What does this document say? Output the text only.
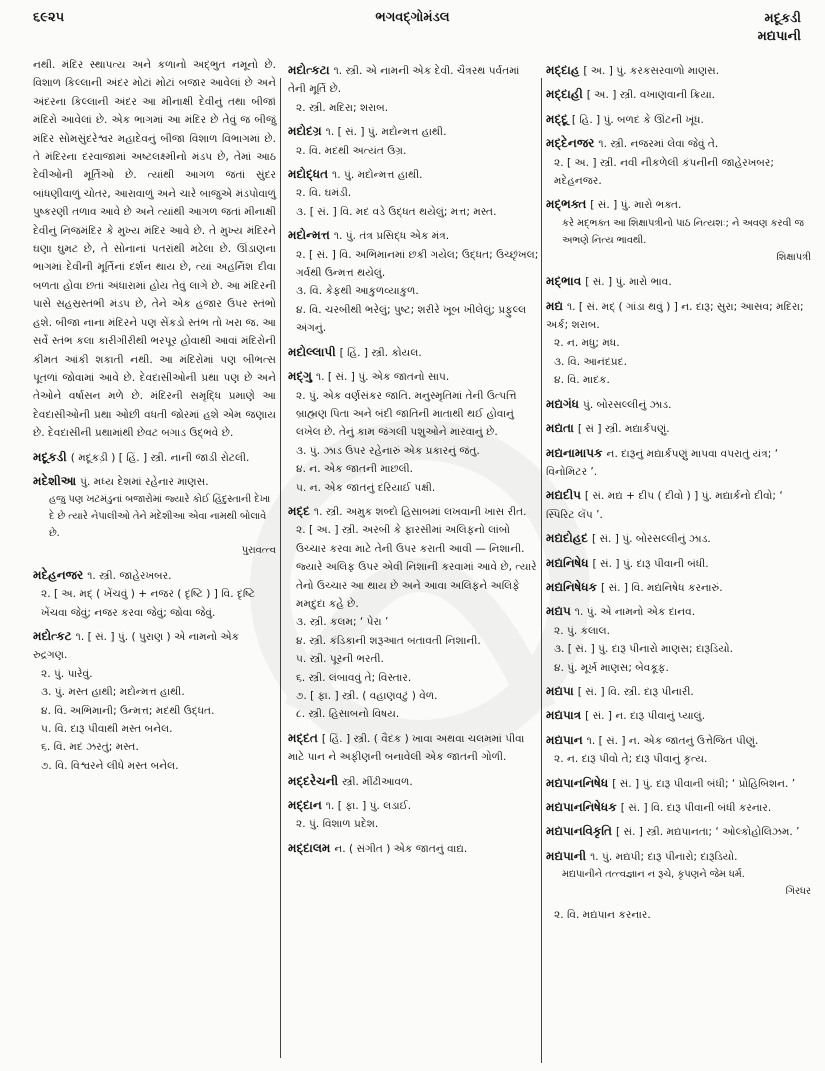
૬૯૨૫	ભગવદ્ગોમંડલ	મદૂકડી
મદ્યપાની

નથી. મંદિર સ્થાપત્ય અને કળાનો અદ્ભુત નમૂનો છે. વિશાળ કિલ્લાની અંદર મોટાં મોટાં બજાર આવેલાં છે અને અંદરના કિલ્લાની અંદર આ મીનાક્ષી દેવીનું તથા બીજાં મંદિરો આવેલાં છે. એક ભાગમાં આ મંદિર છે તેવું જ બીજું મંદિર સોમસુંદરેશ્વર મહાદેવનું બીજા વિશાળ વિભાગમાં છે. તે મંદિરના દરવાજામાં અષ્ટલક્ષ્મીનો મંડપ છે, તેમાં આઠ દેવીઓની મૂર્તિઓ છે. ત્યાંથી આગળ જતાં સુંદર બાંધણીવાળું ચોતર, આરાવાળું અને ચારે બાજુએ મંડપોવાળું પુષ્કરણી તળાવ આવે છે અને ત્યાંથી આગળ જતાં મીનાક્ષી દેવીનું નિજમંદિર કે મુખ્ય મંદિર આવે છે. તે મુખ્ય મંદિરને ઘણા ઘુમટ છે, તે સોનાનાં પતરાંથી મઢેલા છે. ઊંડાણના ભાગમાં દેવીની મૂર્તિનાં દર્શન થાય છે, ત્યાં અહર્નિશ દીવા બળતા હોવા છતાં અંધારામાં હોય તેવું લાગે છે. આ મંદિરની પાસે સહસ્રસ્તંભી મંડપ છે, તેને એક હજાર ઉપર સ્તંભો હશે. બીજા નાના મંદિરને પણ સેંકડો સ્તંભ તો ખરા જ. આ સર્વે સ્તંભ કલા કારીગીરીથી ભરપૂર હોવાથી આવાં મંદિરોની કીમત આંકી શકાતી નથી. આ મંદિરોમાં પણ બીભત્સ પૂતળાં જોવામાં આવે છે. દેવદાસીઓની પ્રથા પણ છે અને તેઓને વર્ષાસન મળે છે. મંદિરની સમૃદ્ધિ પ્રમાણે આ દેવદાસીઓની પ્રથા ઓછી વધતી જોરમાં હશે એમ જણાય છે. દેવદાસીની પ્રથામાંથી છેવટ બગાડ ઉદ્ભવે છે.

મદૂકડી ( મદૂકડ઼ી ) [ હિં. ] સ્ત્રી. નાની જાડી રોટલી.
મદેશીઆ પું. મધ્ય દેશમાં રહેનાર માણસ.
હજુ પણ ખટમંડુનાં બજારોમાં જ્યારે કોઈ હિંદુસ્તાની દેખા દે છે ત્યારે નેપાલીઓ તેને મદેશીઆ એવા નામથી બોલાવે છે.
પુરાવત્ત્વ
મદેહનજર ૧. સ્ત્રી. જાહેરખબર.
૨. [ અ. મદ્ ( ખેંચવું ) + નજર ( દૃષ્ટિ ) ] વિ. દૃષ્ટિ ખેંચવા જેવું; નજર કરવા જેવું; જોવા જેવું.
મદોત્કટ ૧. [ સં. ] પું. ( પુરાણ ) એ નામનો એક રુદ્રગણ.
૨. પું. પારેવું.
૩. પું. મસ્ત હાથી; મદોન્મત્ત હાથી.
૪. વિ. અભિમાની; ઉન્મત્ત; મદથી ઉદ્ધત.
૫. વિ. દારૂ પીવાથી મસ્ત બનેલ.
૬. વિ. મદ ઝરતું; મસ્ત.
૭. વિ. વિશ્વરને લીધે મસ્ત બનેલ.
મદોત્કટા ૧. સ્ત્રી. એ નામની એક દેવી. ચૈત્રરથ પર્વતમાં તેની મૂર્તિ છે.
૨. સ્ત્રી. મદિરા; શરાબ.
મદોદગ્ર ૧. [ સં. ] પું. મદોન્મત્ત હાથી.
૨. વિ. મદથી અત્યંત ઉગ્ર.
મદોદ્ધત ૧. પું. મદોન્મત્ત હાથી.
૨. વિ. ઘમંડી.
૩. [ સં. ] વિ. મદ વડે ઉદ્ધત થયેલું; મત્ત; મસ્ત.
મદોન્મત્ત ૧. પું. તંત્ર પ્રસિદ્ધ એક મંત્ર.
૨. [ સં. ] વિ. અભિમાનમાં છકી ગયેલ; ઉદ્ધત; ઉચ્છૃંખલ; ગર્વથી ઉન્મત્ત થયેલું.
૩. વિ. કેફથી આકુળવ્યાકુળ.
૪. વિ. ચરબીથી ભરેલું; પુષ્ટ; શરીરે ખૂબ ખીલેલું; પ્રફુલ્લ અંગનું.
મદોલ્લાપી [ હિં. ] સ્ત્રી. કોયલ.
મદ્ગુ ૧. [ સં. ] પું. એક જાતનો સાપ.
૨. પું. એક વર્ણસંકર જાતિ. મનુસ્મૃતિમાં તેની ઉત્પત્તિ બ્રાહ્મણ પિતા અને બંદી જાતિની માતાથી થઈ હોવાનું લખેલ છે. તેનું કામ જંગલી પશુઓને મારવાનું છે.
૩. પું. ઝાડ ઉપર રહેનારું એક પ્રકારનું જંતુ.
૪. ન. એક જાતની માછલી.
૫. ન. એક જાતનું દરિયાઈ પક્ષી.
મદ્દ ૧. સ્ત્રી. અમુક શબ્દો હિસાબમાં લખવાની ખાસ રીત.
૨. [ અ. ] સ્ત્રી. અરબી કે ફારસીમાં અલિફનો લાંબો ઉચ્ચાર કરવા માટે તેની ઉપર કરાતી આવી — નિશાની. જ્યારે અલિફ ઉપર એવી નિશાની કરવામાં આવે છે, ત્યારે તેનો ઉચ્ચાર આ થાય છે અને આવા અલિફને અલિફે મમદુદા કહે છે.
૩. સ્ત્રી. કલમ; ‘ પેરા ’
૪. સ્ત્રી. કંડિકાની શરૂઆત બતાવતી નિશાની.
૫. સ્ત્રી. પૂરની ભરતી.
૬. સ્ત્રી. લંબાવવું તે; વિસ્તાર.
૭. [ ફા. ] સ્ત્રી. ( વહાણવટું ) વેળ.
૮. સ્ત્રી. હિસાબનો વિષય.
મદ્દત [ હિં. ] સ્ત્રી. ( વૈદક ) ખાવા અથવા ચલમમાં પીવા માટે પાન ને અફીણની બનાવેલી એક જાતની ગોળી.
મદ્દરેચની સ્ત્રી. મીંઢીઆવળ.
મદ્દાન ૧. [ ફા. ] પું. લડાઈ.
૨. પું. વિશાળ પ્રદેશ.
મદ્દાલમ ન. ( સંગીત ) એક જાતનું વાદ્ય.
મદ્દાહ [ અ. ] પું. કરકસરવાળો માણસ.
મદ્દાહી [ અ. ] સ્ત્રી. વખાણવાની ક્રિયા.
મદ્દૂ [ હિ. ] પું. બળદ કે ઊંટની ખૂંધ.
મદ્દેનજર ૧. સ્ત્રી. નજરમાં લેવા જેવું તે.
૨. [ અ. ] સ્ત્રી. નવી નીકળેલી કંપનીની જાહેરખબર; મદેહનજર.
મદ્ભક્ત [ સં. ] પું. મારો ભક્ત.
કરે મદ્ભક્ત આ શિક્ષાપત્રીનો પાઠ નિત્યશઃ; ને અવણ કરવી જ અભણે નિત્ય ભાવથી.
શિક્ષાપત્રી
મદ્ભાવ [ સં. ] પું. મારો ભાવ.
મદ્ય ૧. [ સં. મદ્ ( ગાંડા થવું ) ] ન. દારૂ; સુરા; આસવ; મદિરા; અર્ક; શરાબ.
૨. ન. મધુ; મધ.
૩. વિ. આનંદપ્રદ.
૪. વિ. માદક.
મદ્યગંધ પું. બોરસલ્લીનું ઝાડ.
મદ્યતા [ સં ] સ્ત્રી. મદ્યાર્કપણું.
મદ્યનામાપક ન. દારૂનું મદ્યાર્કપણું માપવા વપરાતું યંત્ર; ‘ વિનોમિટર ’.
મદ્યદીપ [ સં. મદ્ય + દીપ ( દીવો ) ] પું. મદ્યાર્કનો દીવો; ‘ સ્પિરિટ લૅંપ ’.
મદ્યદોહદ [ સં. ] પું. બોરસલ્લીનું ઝાડ.
મદ્યનિષેધ [ સં. ] પું. દારૂ પીવાની બંધી.
મદ્યનિષેધક [ સં. ] વિ. મદ્યનિષેધ કરનારું.
મદ્યપ ૧. પું. એ નામનો એક દાનવ.
૨. પું. કલાલ.
૩. [ સં. ] પું. દારૂ પીનારો માણસ; દારૂડિયો.
૪. પું. મૂર્ખ માણસ; બેવકૂફ.
મદ્યપા [ સં. ] વિ. સ્ત્રી. દારૂ પીનારી.
મદ્યપાત્ર [ સં. ] ન. દારૂ પીવાનું પ્યાલું.
મદ્યપાન ૧. [ સં. ] ન. એક જાતનું ઉત્તેજિત પીણું.
૨. ન. દારૂ પીવો તે; દારૂ પીવાનું કૃત્ય.
મદ્યપાનનિષેધ [ સં. ] પું. દારૂ પીવાની બંધી; ‘ પ્રોહિબિશન. ’
મદ્યપાનનિષેધક [ સં. ] વિ. દારૂ પીવાની બંધી કરનાર.
મદ્યપાનવિકૃતિ [ સં. ] સ્ત્રી. મદ્યપાનતા; ‘ ઓલ્કોહોલિઝમ. ’
મદ્યપાની ૧. પું. મદ્યપી; દારૂ પીનારો; દારૂડિયો.
મદ્યપાનીને તત્ત્વજ્ઞાન ન રૂચે, કૃપણને જેમ ધર્મ.
ગિરધર
૨. વિ. મદ્યપાન કરનાર.
